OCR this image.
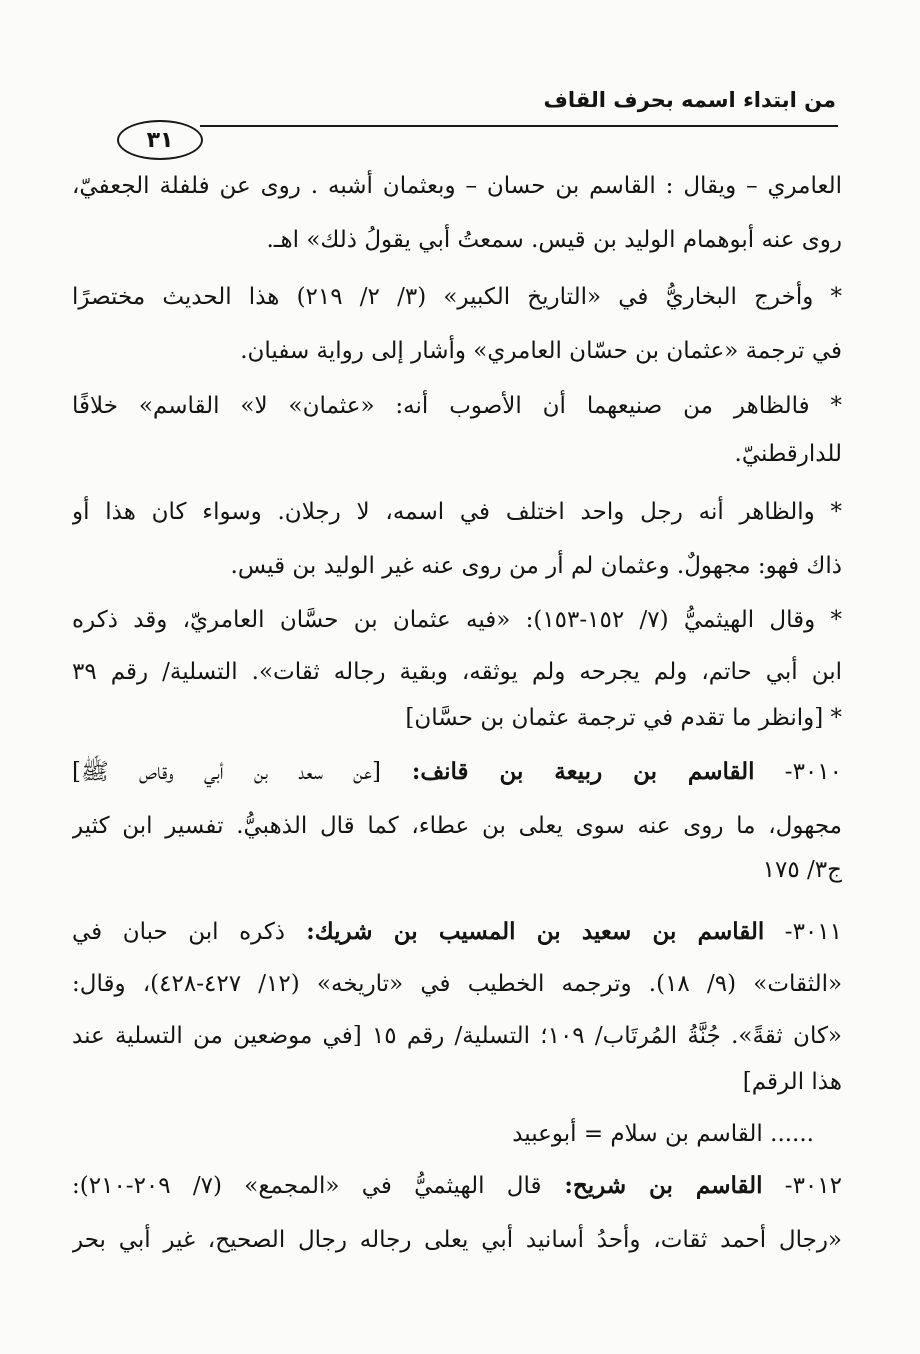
من ابتداء اسمه بحرف القاف
٣١
العامري – ويقال : القاسم بن حسان – وبعثمان أشبه . روى عن فلفلة الجعفيّ،
روى عنه أبوهمام الوليد بن قيس. سمعتُ أبي يقولُ ذلك» اهـ.
* وأخرج البخاريُّ في «التاريخ الكبير» (٣/ ٢/ ٢١٩) هذا الحديث مختصرًا
في ترجمة «عثمان بن حسّان العامري» وأشار إلى رواية سفيان.
* فالظاهر من صنيعهما أن الأصوب أنه: «عثمان» لا» القاسم» خلافًا
للدارقطنيّ.
* والظاهر أنه رجل واحد اختلف في اسمه، لا رجلان. وسواء كان هذا أو
ذاك فهو: مجهولٌ. وعثمان لم أر من روى عنه غير الوليد بن قيس.
* وقال الهيثميُّ (٧/ ١٥٢-١٥٣): «فيه عثمان بن حسَّان العامريّ، وقد ذكره
ابن أبي حاتم، ولم يجرحه ولم يوثقه، وبقية رجاله ثقات». التسلية/ رقم ٣٩
* [وانظر ما تقدم في ترجمة عثمان بن حسَّان]
٣٠١٠- القاسم بن ربيعة بن قانف: [عن سعد بن أبي وقاص ﷺ]
مجهول، ما روى عنه سوى يعلى بن عطاء، كما قال الذهبيُّ. تفسير ابن كثير
ج٣/ ١٧٥
٣٠١١- القاسم بن سعيد بن المسيب بن شريك: ذكره ابن حبان في
«الثقات» (٩/ ١٨). وترجمه الخطيب في «تاريخه» (١٢/ ٤٢٧-٤٢٨)، وقال:
«كان ثقةً». جُنَّةُ المُرتَاب/ ١٠٩؛ التسلية/ رقم ١٥ [في موضعين من التسلية عند
هذا الرقم]
...... القاسم بن سلام = أبوعبيد
٣٠١٢- القاسم بن شريح: قال الهيثميُّ في «المجمع» (٧/ ٢٠٩-٢١٠):
«رجال أحمد ثقات، وأحدُ أسانيد أبي يعلى رجاله رجال الصحيح، غير أبي بحر
